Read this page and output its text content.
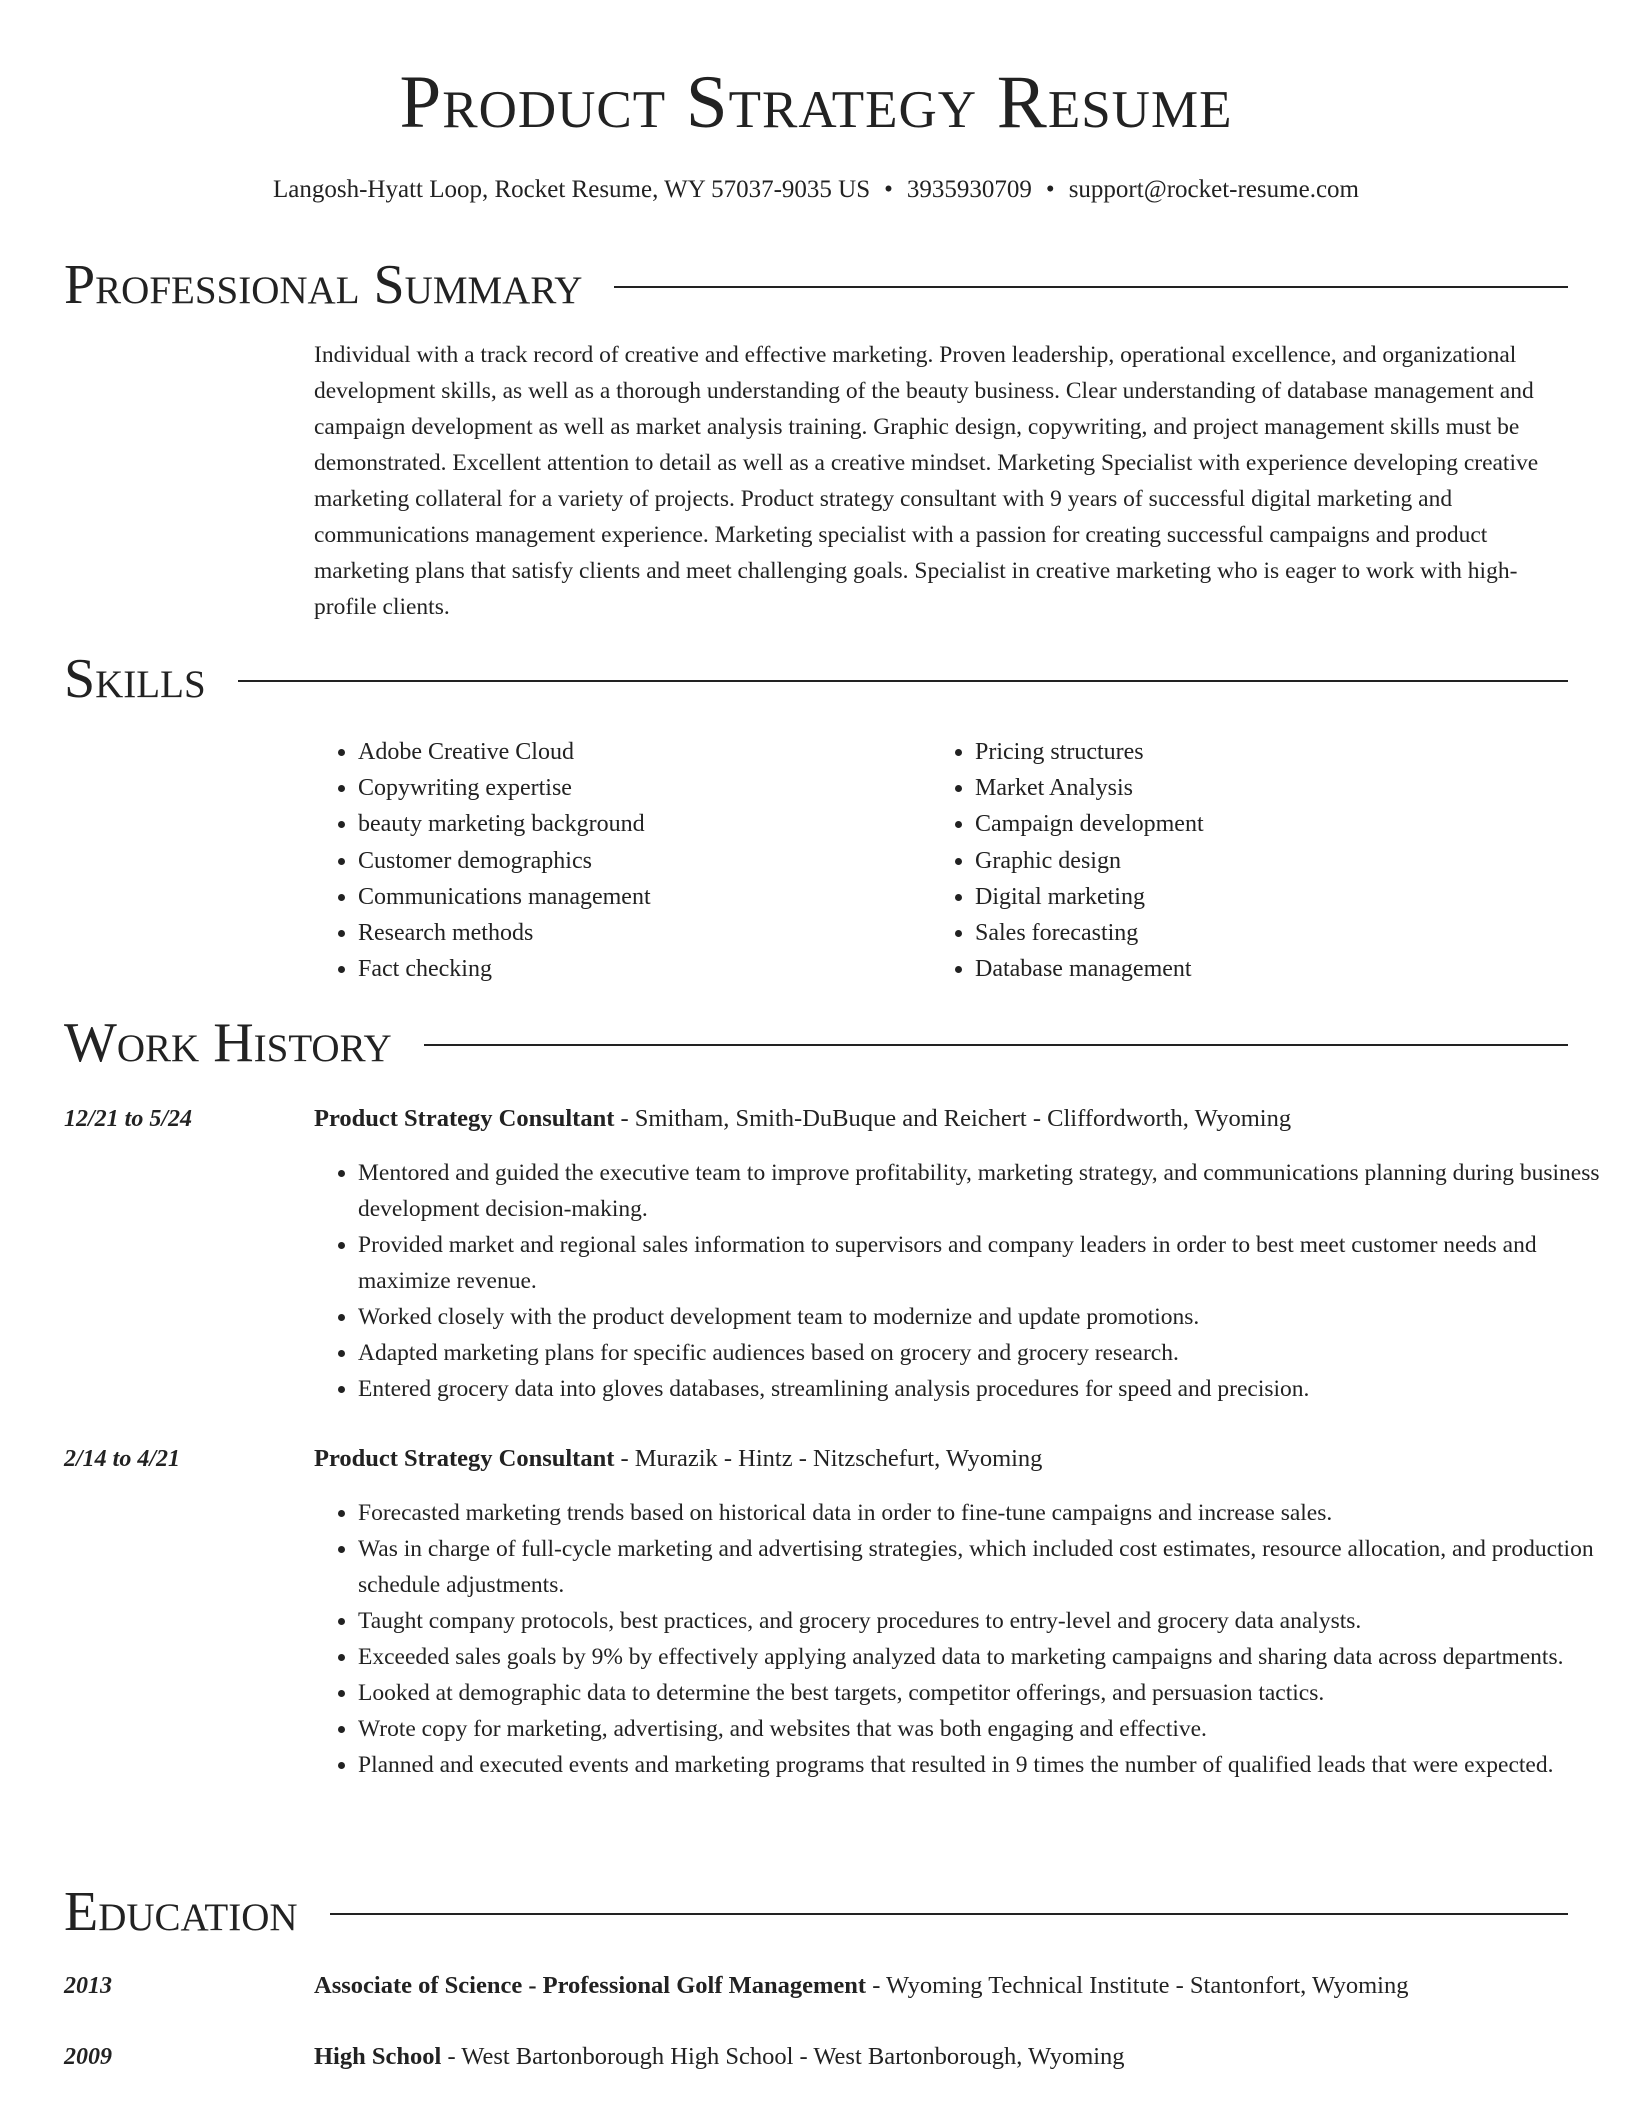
Product Strategy Resume
Langosh-Hyatt Loop, Rocket Resume, WY 57037-9035 US • 3935930709 • support@rocket-resume.com
Professional Summary

Individual with a track record of creative and effective marketing. Proven leadership, operational excellence, and organizational development skills, as well as a thorough understanding of the beauty business. Clear understanding of database management and campaign development as well as market analysis training. Graphic design, copywriting, and project management skills must be demonstrated. Excellent attention to detail as well as a creative mindset. Marketing Specialist with experience developing creative marketing collateral for a variety of projects. Product strategy consultant with 9 years of successful digital marketing and communications management experience. Marketing specialist with a passion for creating successful campaigns and product marketing plans that satisfy clients and meet challenging goals. Specialist in creative marketing who is eager to work with high-profile clients.

Skills
• Adobe Creative Cloud
• Copywriting expertise
• beauty marketing background
• Customer demographics
• Communications management
• Research methods
• Fact checking
• Pricing structures
• Market Analysis
• Campaign development
• Graphic design
• Digital marketing
• Sales forecasting
• Database management
Work History
12/21 to 5/24	Product Strategy Consultant - Smitham, Smith-DuBuque and Reichert - Cliffordworth, Wyoming
• Mentored and guided the executive team to improve profitability, marketing strategy, and communications planning during business development decision-making.
• Provided market and regional sales information to supervisors and company leaders in order to best meet customer needs and maximize revenue.
• Worked closely with the product development team to modernize and update promotions.
• Adapted marketing plans for specific audiences based on grocery and grocery research.
• Entered grocery data into gloves databases, streamlining analysis procedures for speed and precision.
2/14 to 4/21	Product Strategy Consultant - Murazik - Hintz - Nitzschefurt, Wyoming
• Forecasted marketing trends based on historical data in order to fine-tune campaigns and increase sales.
• Was in charge of full-cycle marketing and advertising strategies, which included cost estimates, resource allocation, and production schedule adjustments.
• Taught company protocols, best practices, and grocery procedures to entry-level and grocery data analysts.
• Exceeded sales goals by 9% by effectively applying analyzed data to marketing campaigns and sharing data across departments.
• Looked at demographic data to determine the best targets, competitor offerings, and persuasion tactics.
• Wrote copy for marketing, advertising, and websites that was both engaging and effective.
• Planned and executed events and marketing programs that resulted in 9 times the number of qualified leads that were expected.
Education
2013	Associate of Science - Professional Golf Management - Wyoming Technical Institute - Stantonfort, Wyoming
2009	High School - West Bartonborough High School - West Bartonborough, Wyoming
